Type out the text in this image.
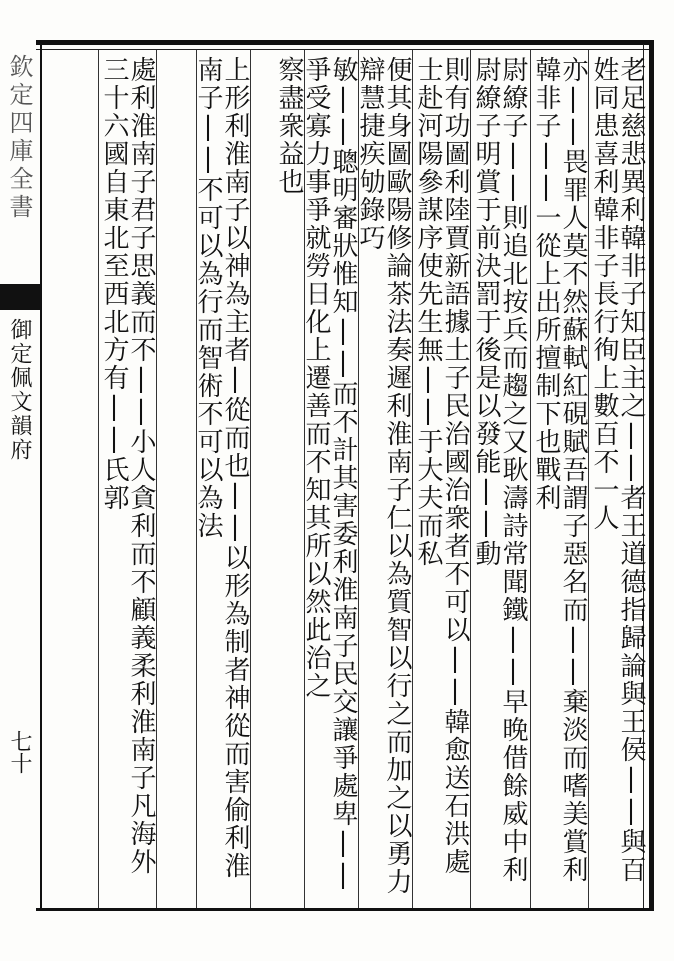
欽定四庫全書
御定佩文韻府
七十	老足慈悲異利韓非子知臣主之||者王道德指歸論與王侯||與百姓同患喜利韓非子長行徇上數百不一人
亦||畏罪人莫不然蘇軾紅硯賦吾謂子惡名而||棄淡而嗜美賞利韓非子||一從上出所擅制下也戰利
尉繚子||則追北按兵而趨之又耿濤詩常聞鐵||早晚借餘威中利尉繚子明賞于前決罰于後是以發能||動
則有功圖利陸賈新語據土子民治國治衆者不可以||韓愈送石洪處士赴河陽參謀序使先生無||于大夫而私
便其身圖歐陽修論茶法奏遲利淮南子仁以為質智以行之而加之以勇力辯慧捷疾劬錄巧
敏||聰明審狀惟知||而不計其害委利淮南子民交讓爭處卑||爭受寡力事爭就勞日化上遷善而不知其所以然此治之
察盡衆益也
上形利淮南子以神為主者|從而也||以形為制者神從而害偷利淮南子||不可以為行而智術不可以為法
處利淮南子君子思義而不||小人貪利而不顧義柔利淮南子凡海外三十六國自東北至西北方有||氏郭
